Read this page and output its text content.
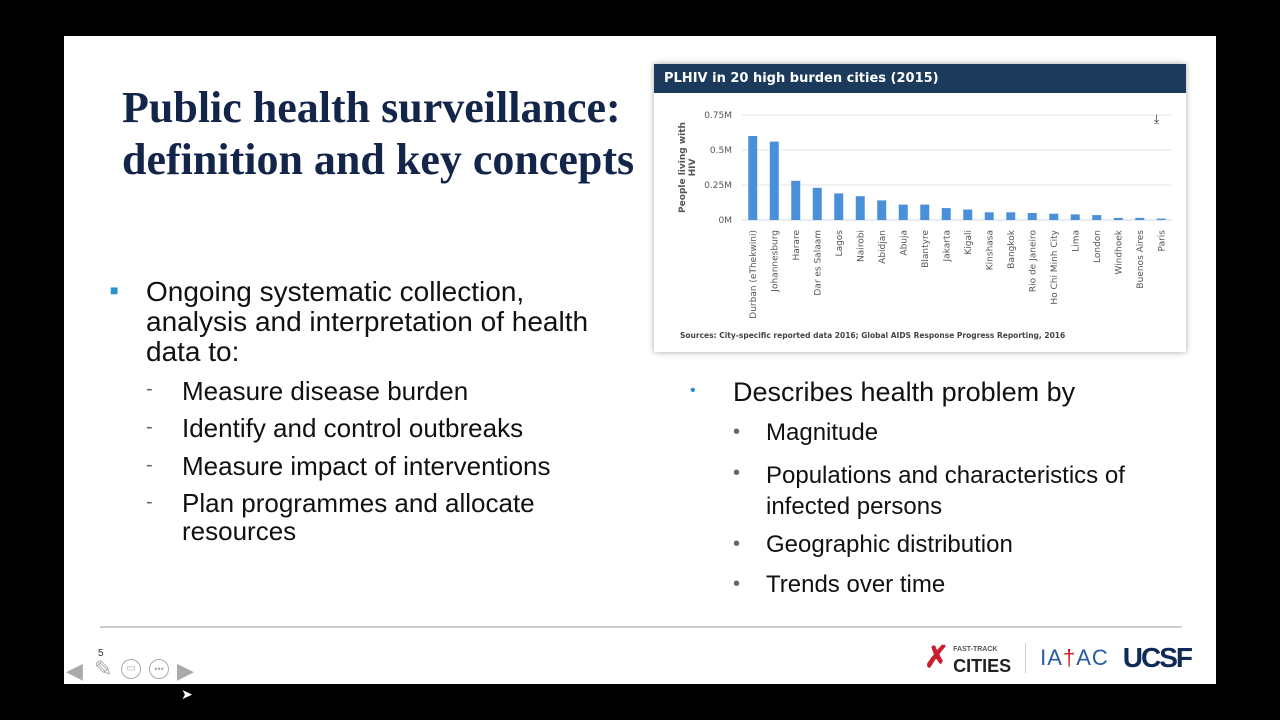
Public health surveillance: definition and key concepts
■ Ongoing systematic collection, analysis and interpretation of health data to:
- Measure disease burden
- Identify and control outbreaks
- Measure impact of interventions
- Plan programmes and allocate resources
PLHIV in 20 high burden cities (2015)
0M
0.25M
0.5M
0.75M
People living withHIV
Durban (eThekwini) Johannesburg Harare Dar es Salaam Lagos Nairobi Abidjan Abuja Blantyre Jakarta Kigali Kinshasa Bangkok Rio de Janeiro Ho Chi Minh City Lima London Windhoek Buenos Aires Paris
Sources: City-specific reported data 2016; Global AIDS Response Progress Reporting, 2016
⤓
• Describes health problem by
• Magnitude
• Populations and characteristics of infected persons
• Geographic distribution
• Trends over time
5	✗ FAST-TRACK
CITIES IA†AC UCSF
◀ ✎	▭	••• ▶
➤
